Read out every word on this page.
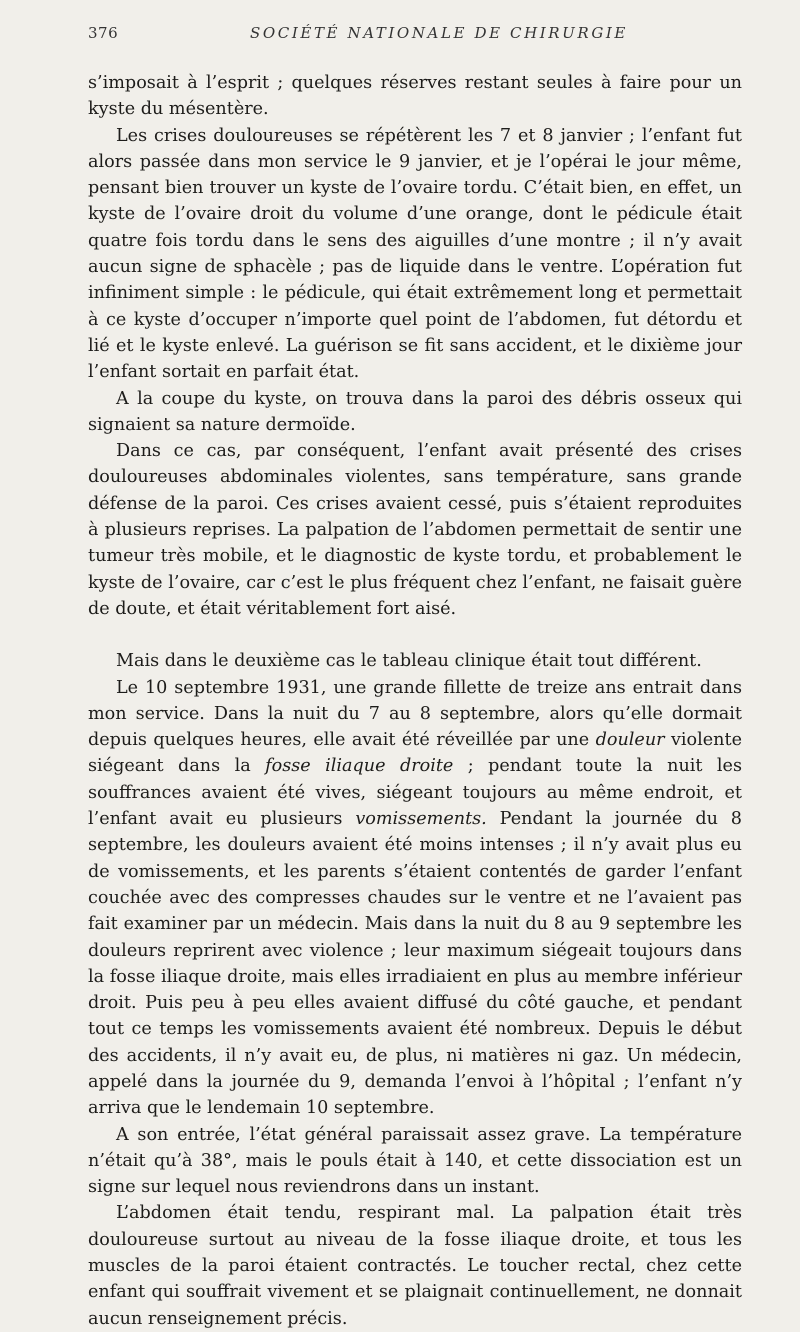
376	SOCIÉTÉ NATIONALE DE CHIRURGIE

s’imposait à l’esprit ; quelques réserves restant seules à faire pour un kyste du mésentère.

Les crises douloureuses se répétèrent les 7 et 8 janvier ; l’enfant fut alors passée dans mon service le 9 janvier, et je l’opérai le jour même, pensant bien trouver un kyste de l’ovaire tordu. C’était bien, en effet, un kyste de l’ovaire droit du volume d’une orange, dont le pédicule était quatre fois tordu dans le sens des aiguilles d’une montre ; il n’y avait aucun signe de sphacèle ; pas de liquide dans le ventre. L’opération fut infiniment simple : le pédicule, qui était extrêmement long et permettait à ce kyste d’occuper n’importe quel point de l’abdomen, fut détordu et lié et le kyste enlevé. La guérison se fit sans accident, et le dixième jour l’enfant sortait en parfait état.

A la coupe du kyste, on trouva dans la paroi des débris osseux qui signaient sa nature dermoïde.

Dans ce cas, par conséquent, l’enfant avait présenté des crises douloureuses abdominales violentes, sans température, sans grande défense de la paroi. Ces crises avaient cessé, puis s’étaient reproduites à plusieurs reprises. La palpation de l’abdomen permettait de sentir une tumeur très mobile, et le diagnostic de kyste tordu, et probablement le kyste de l’ovaire, car c’est le plus fréquent chez l’enfant, ne faisait guère de doute, et était véritablement fort aisé.

Mais dans le deuxième cas le tableau clinique était tout différent.

Le 10 septembre 1931, une grande fillette de treize ans entrait dans mon service. Dans la nuit du 7 au 8 septembre, alors qu’elle dormait depuis quelques heures, elle avait été réveillée par une douleur violente siégeant dans la fosse iliaque droite ; pendant toute la nuit les souffrances avaient été vives, siégeant toujours au même endroit, et l’enfant avait eu plusieurs vomissements. Pendant la journée du 8 septembre, les douleurs avaient été moins intenses ; il n’y avait plus eu de vomissements, et les parents s’étaient contentés de garder l’enfant couchée avec des compresses chaudes sur le ventre et ne l’avaient pas fait examiner par un médecin. Mais dans la nuit du 8 au 9 septembre les douleurs reprirent avec violence ; leur maximum siégeait toujours dans la fosse iliaque droite, mais elles irradiaient en plus au membre inférieur droit. Puis peu à peu elles avaient diffusé du côté gauche, et pendant tout ce temps les vomissements avaient été nombreux. Depuis le début des accidents, il n’y avait eu, de plus, ni matières ni gaz. Un médecin, appelé dans la journée du 9, demanda l’envoi à l’hôpital ; l’enfant n’y arriva que le lendemain 10 septembre.

A son entrée, l’état général paraissait assez grave. La température n’était qu’à 38°, mais le pouls était à 140, et cette dissociation est un signe sur lequel nous reviendrons dans un instant.

L’abdomen était tendu, respirant mal. La palpation était très douloureuse surtout au niveau de la fosse iliaque droite, et tous les muscles de la paroi étaient contractés. Le toucher rectal, chez cette enfant qui souffrait vivement et se plaignait continuellement, ne donnait aucun renseignement précis.
